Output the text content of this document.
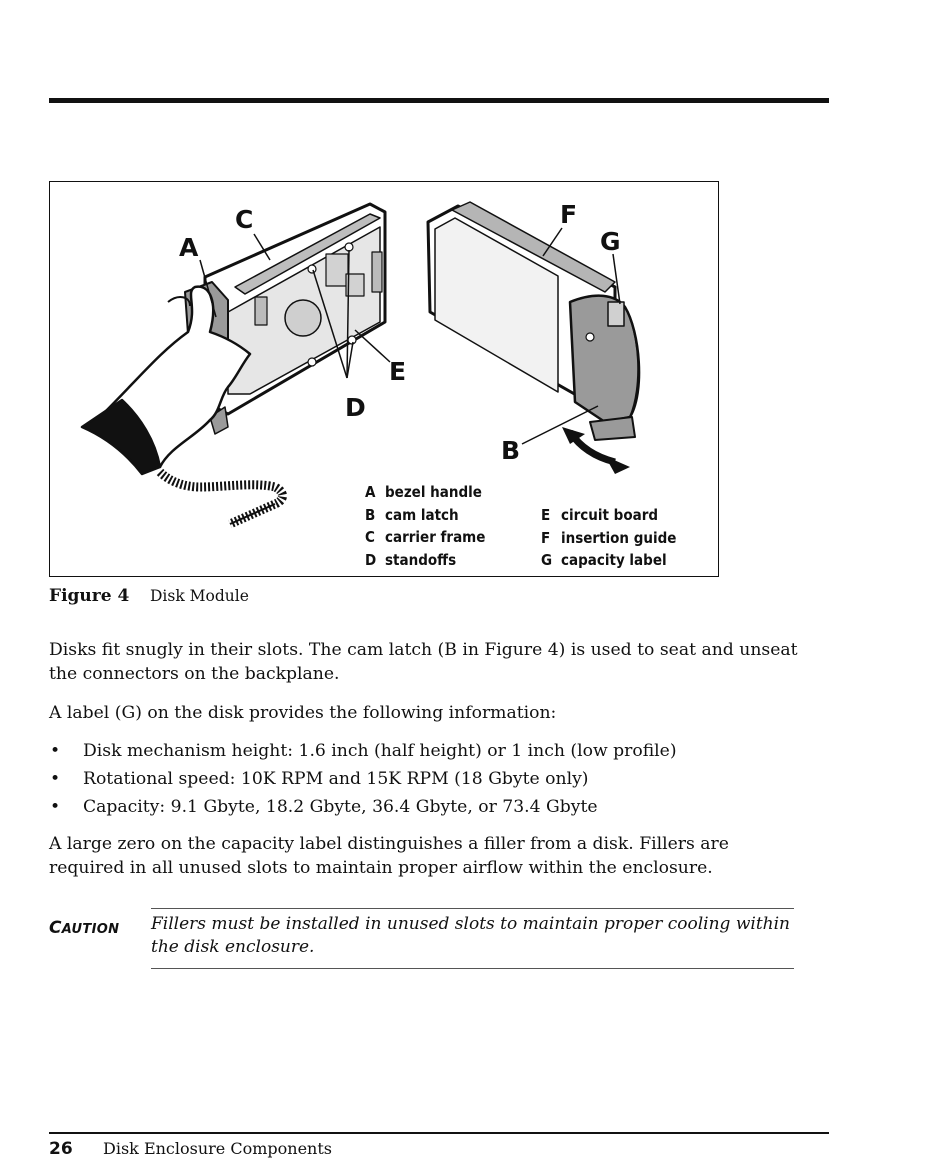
A
C
E
D
F
G
B
A bezel handle
B cam latch
C carrier frame
D standoffs
E circuit board
F insertion guide
G capacity label
Figure 4 Disk Module

Disks fit snugly in their slots. The cam latch (B in Figure 4) is used to seat and unseat the connectors on the backplane.

A label (G) on the disk provides the following information:

• Disk mechanism height: 1.6 inch (half height) or 1 inch (low profile)
• Rotational speed: 10K RPM and 15K RPM (18 Gbyte only)
• Capacity: 9.1 Gbyte, 18.2 Gbyte, 36.4 Gbyte, or 73.4 Gbyte

A large zero on the capacity label distinguishes a filler from a disk. Fillers are required in all unused slots to maintain proper airflow within the enclosure.

CAUTION Fillers must be installed in unused slots to maintain proper cooling within the disk enclosure.

26 Disk Enclosure Components
